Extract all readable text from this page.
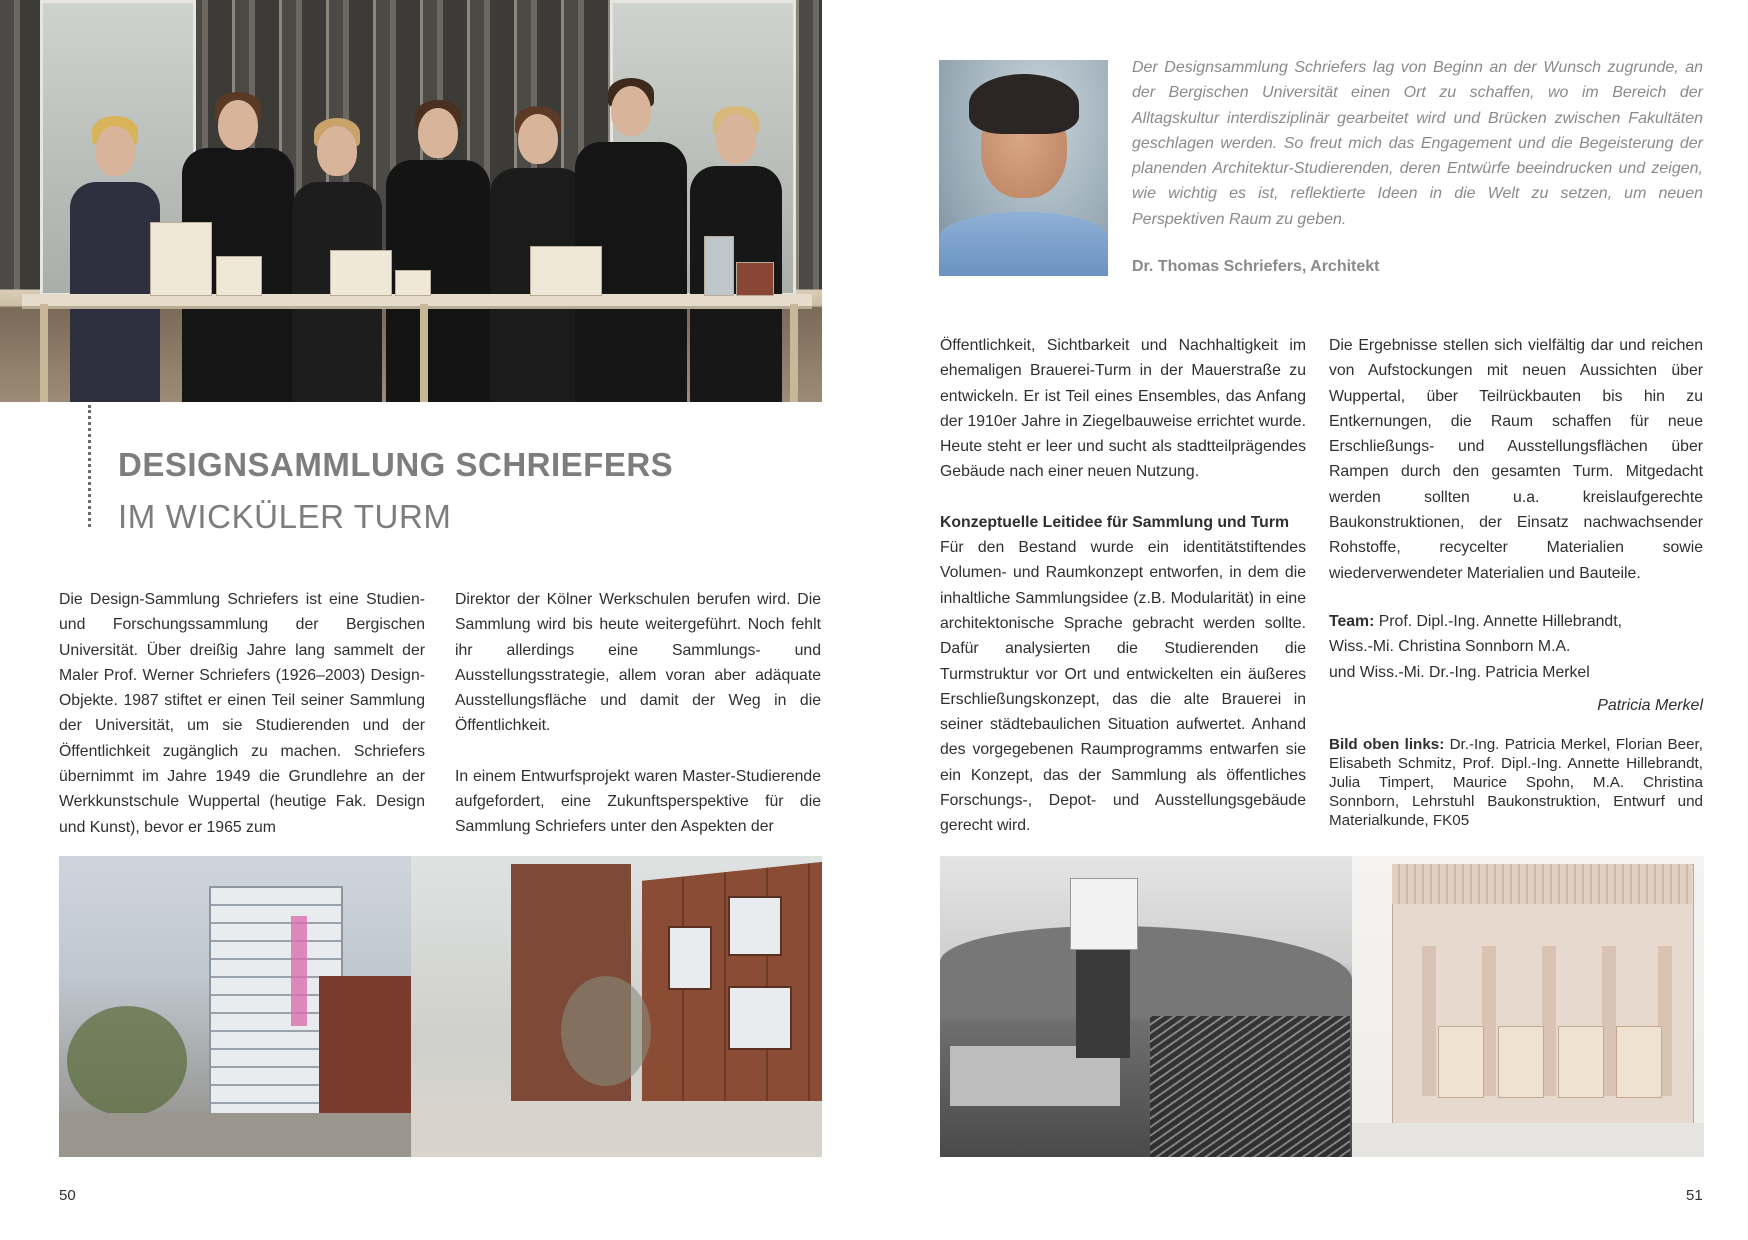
DESIGNSAMMLUNG SCHRIEFERS
IM WICKÜLER TURM

Die Design-Sammlung Schriefers ist eine Studien- und Forschungssammlung der Bergischen Universität. Über dreißig Jahre lang sammelt der Maler Prof. Werner Schriefers (1926–2003) Design-Objekte. 1987 stiftet er einen Teil seiner Sammlung der Universität, um sie Studierenden und der Öffentlichkeit zugänglich zu machen. Schriefers übernimmt im Jahre 1949 die Grundlehre an der Werkkunstschule Wuppertal (heutige Fak. Design und Kunst), bevor er 1965 zum

Direktor der Kölner Werkschulen berufen wird. Die Sammlung wird bis heute weitergeführt. Noch fehlt ihr allerdings eine Sammlungs- und Ausstellungsstrategie, allem voran aber adäquate Ausstellungsfläche und damit der Weg in die Öffentlichkeit.

In einem Entwurfsprojekt waren Master-Studierende aufgefordert, eine Zukunftsperspektive für die Sammlung Schriefers unter den Aspekten der

50
Der Designsammlung Schriefers lag von Beginn an der Wunsch zugrunde, an der Bergischen Universität einen Ort zu schaffen, wo im Bereich der Alltagskultur interdisziplinär gearbeitet wird und Brücken zwischen Fakultäten geschlagen werden. So freut mich das Engagement und die Begeisterung der planenden Architektur-Studierenden, deren Entwürfe beeindrucken und zeigen, wie wichtig es ist, reflektierte Ideen in die Welt zu setzen, um neuen Perspektiven Raum zu geben.
Dr. Thomas Schriefers, Architekt

Öffentlichkeit, Sichtbarkeit und Nachhaltigkeit im ehemaligen Brauerei-Turm in der Mauerstraße zu entwickeln. Er ist Teil eines Ensembles, das Anfang der 1910er Jahre in Ziegelbauweise errichtet wurde. Heute steht er leer und sucht als stadtteilprägendes Gebäude nach einer neuen Nutzung.

Konzeptuelle Leitidee für Sammlung und Turm
Für den Bestand wurde ein identitätstiftendes Volumen- und Raumkonzept entworfen, in dem die inhaltliche Sammlungsidee (z.B. Modularität) in eine architektonische Sprache gebracht werden sollte. Dafür analysierten die Studierenden die Turmstruktur vor Ort und entwickelten ein äußeres Erschließungskonzept, das die alte Brauerei in seiner städtebaulichen Situation aufwertet. Anhand des vorgegebenen Raumprogramms entwarfen sie ein Konzept, das der Sammlung als öffentliches Forschungs-, Depot- und Ausstellungsgebäude gerecht wird.

Die Ergebnisse stellen sich vielfältig dar und reichen von Aufstockungen mit neuen Aussichten über Wuppertal, über Teilrückbauten bis hin zu Entkernungen, die Raum schaffen für neue Erschließungs- und Ausstellungsflächen über Rampen durch den gesamten Turm. Mitgedacht werden sollten u.a. kreislaufgerechte Baukonstruktionen, der Einsatz nachwachsender Rohstoffe, recycelter Materialien sowie wiederverwendeter Materialien und Bauteile.

Team: Prof. Dipl.-Ing. Annette Hillebrandt,
Wiss.-Mi. Christina Sonnborn M.A.
und Wiss.-Mi. Dr.-Ing. Patricia Merkel
Patricia Merkel
Bild oben links: Dr.-Ing. Patricia Merkel, Florian Beer, Elisabeth Schmitz, Prof. Dipl.-Ing. Annette Hillebrandt, Julia Timpert, Maurice Spohn, M.A. Christina Sonnborn, Lehrstuhl Baukonstruktion, Entwurf und Materialkunde, FK05
51
